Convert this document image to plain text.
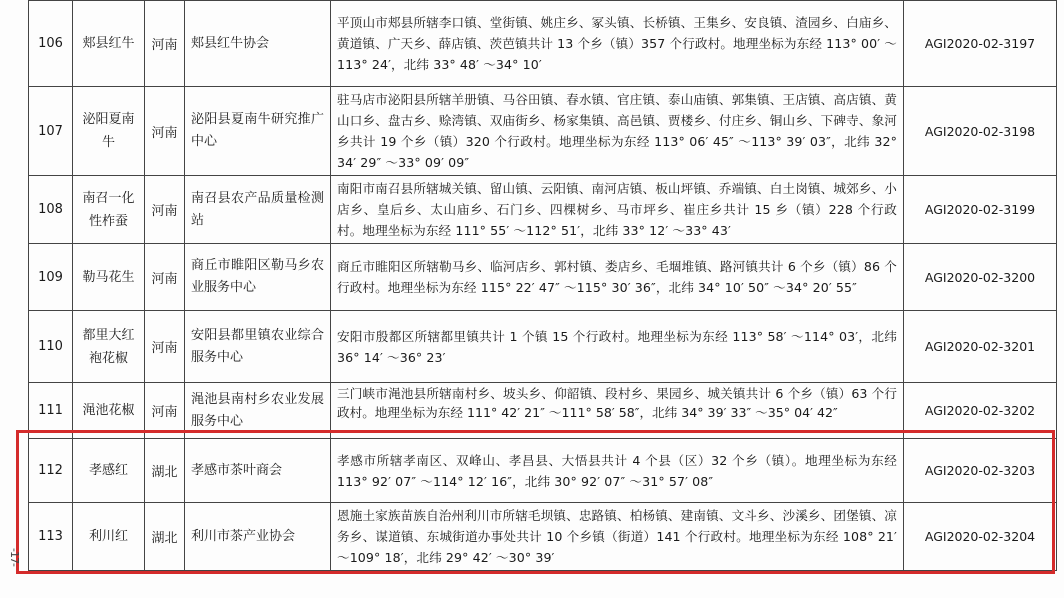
106	郏县红牛	河南	郏县红牛协会	平顶山市郏县所辖李口镇、堂街镇、姚庄乡、冢头镇、长桥镇、王集乡、安良镇、渣园乡、白庙乡、黄道镇、广天乡、薛店镇、茨芭镇共计 13 个乡（镇）357 个行政村。地理坐标为东经 113° 00′ ～113° 24′，北纬 33° 48′ ～34° 10′	AGI2020-02-3197
107	泌阳夏南牛	河南	泌阳县夏南牛研究推广中心	驻马店市泌阳县所辖羊册镇、马谷田镇、春水镇、官庄镇、泰山庙镇、郭集镇、王店镇、高店镇、黄山口乡、盘古乡、赊湾镇、双庙街乡、杨家集镇、高邑镇、贾楼乡、付庄乡、铜山乡、下碑寺、象河乡共计 19 个乡（镇）320 个行政村。地理坐标为东经 113° 06′ 45″ ～113° 39′ 03″，北纬 32° 34′ 29″ ～33° 09′ 09″	AGI2020-02-3198
108	南召一化性柞蚕	河南	南召县农产品质量检测站	南阳市南召县所辖城关镇、留山镇、云阳镇、南河店镇、板山坪镇、乔端镇、白土岗镇、城郊乡、小店乡、皇后乡、太山庙乡、石门乡、四棵树乡、马市坪乡、崔庄乡共计 15 乡（镇）228 个行政村。地理坐标为东经 111° 55′ ～112° 51′，北纬 33° 12′ ～33° 43′	AGI2020-02-3199
109	勒马花生	河南	商丘市睢阳区勒马乡农业服务中心	商丘市睢阳区所辖勒马乡、临河店乡、郭村镇、娄店乡、毛堌堆镇、路河镇共计 6 个乡（镇）86 个行政村。地理坐标为东经 115° 22′ 47″ ～115° 30′ 36″，北纬 34° 10′ 50″ ～34° 20′ 55″	AGI2020-02-3200
110	都里大红袍花椒	河南	安阳县都里镇农业综合服务中心	安阳市殷都区所辖都里镇共计 1 个镇 15 个行政村。地理坐标为东经 113° 58′ ～114° 03′，北纬 36° 14′ ～36° 23′	AGI2020-02-3201
111	渑池花椒	河南	渑池县南村乡农业发展服务中心	三门峡市渑池县所辖南村乡、坡头乡、仰韶镇、段村乡、果园乡、城关镇共计 6 个乡（镇）63 个行政村。地理坐标为东经 111° 42′ 21″ ～111° 58′ 58″，北纬 34° 39′ 33″ ～35° 04′ 42″	AGI2020-02-3202
112	孝感红	湖北	孝感市茶叶商会	孝感市所辖孝南区、双峰山、孝昌县、大悟县共计 4 个县（区）32 个乡（镇）。地理坐标为东经 113° 92′ 07″ ～114° 12′ 16″，北纬 30° 92′ 07″ ～31° 57′ 08″	AGI2020-02-3203
113	利川红	湖北	利川市茶产业协会	恩施土家族苗族自治州利川市所辖毛坝镇、忠路镇、柏杨镇、建南镇、文斗乡、沙溪乡、团堡镇、凉务乡、谋道镇、东城街道办事处共计 10 个乡镇（街道）141 个行政村。地理坐标为东经 108° 21′ ～109° 18′，北纬 29° 42′ ～30° 39′	AGI2020-02-3204
-17-
